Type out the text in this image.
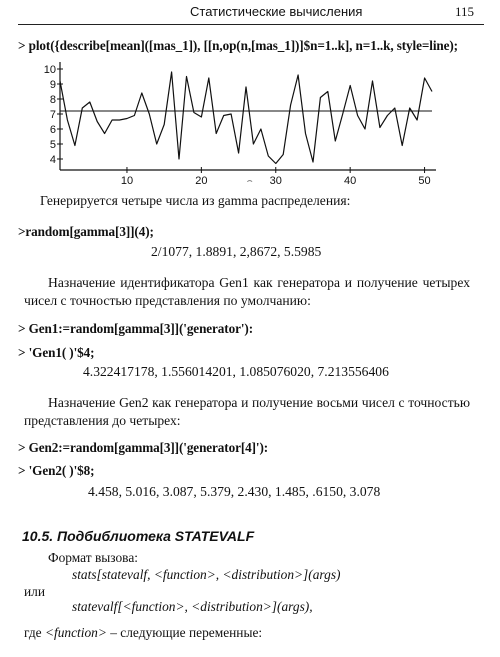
Статистические вычисления	115
> plot({describe[mean]([mas_1]), [[n,op(n,[mas_1])]$n=1..k], n=1..k, style=line);
4
5
6
7
8
9
10
10	20	30	40	50
⌢
Генерируется четыре числа из gamma распределения:
>random[gamma[3]](4);
2/1077, 1.8891, 2,8672, 5.5985
Назначение идентификатора Gen1 как генератора и получение четырех чисел с точностью представления по умолчанию:
> Gen1:=random[gamma[3]]('generator'):
> 'Gen1( )'$4;
4.322417178, 1.556014201, 1.085076020, 7.213556406
Назначение Gen2 как генератора и получение восьми чисел с точностью представления до четырех:
> Gen2:=random[gamma[3]]('generator[4]'):
> 'Gen2( )'$8;
4.458, 5.016, 3.087, 5.379, 2.430, 1.485, .6150, 3.078
10.5. Подбиблиотека STATEVALF
Формат вызова:
stats[statevalf, <function>, <distribution>](args)
или
statevalf[<function>, <distribution>](args),
где <function> – следующие переменные:
